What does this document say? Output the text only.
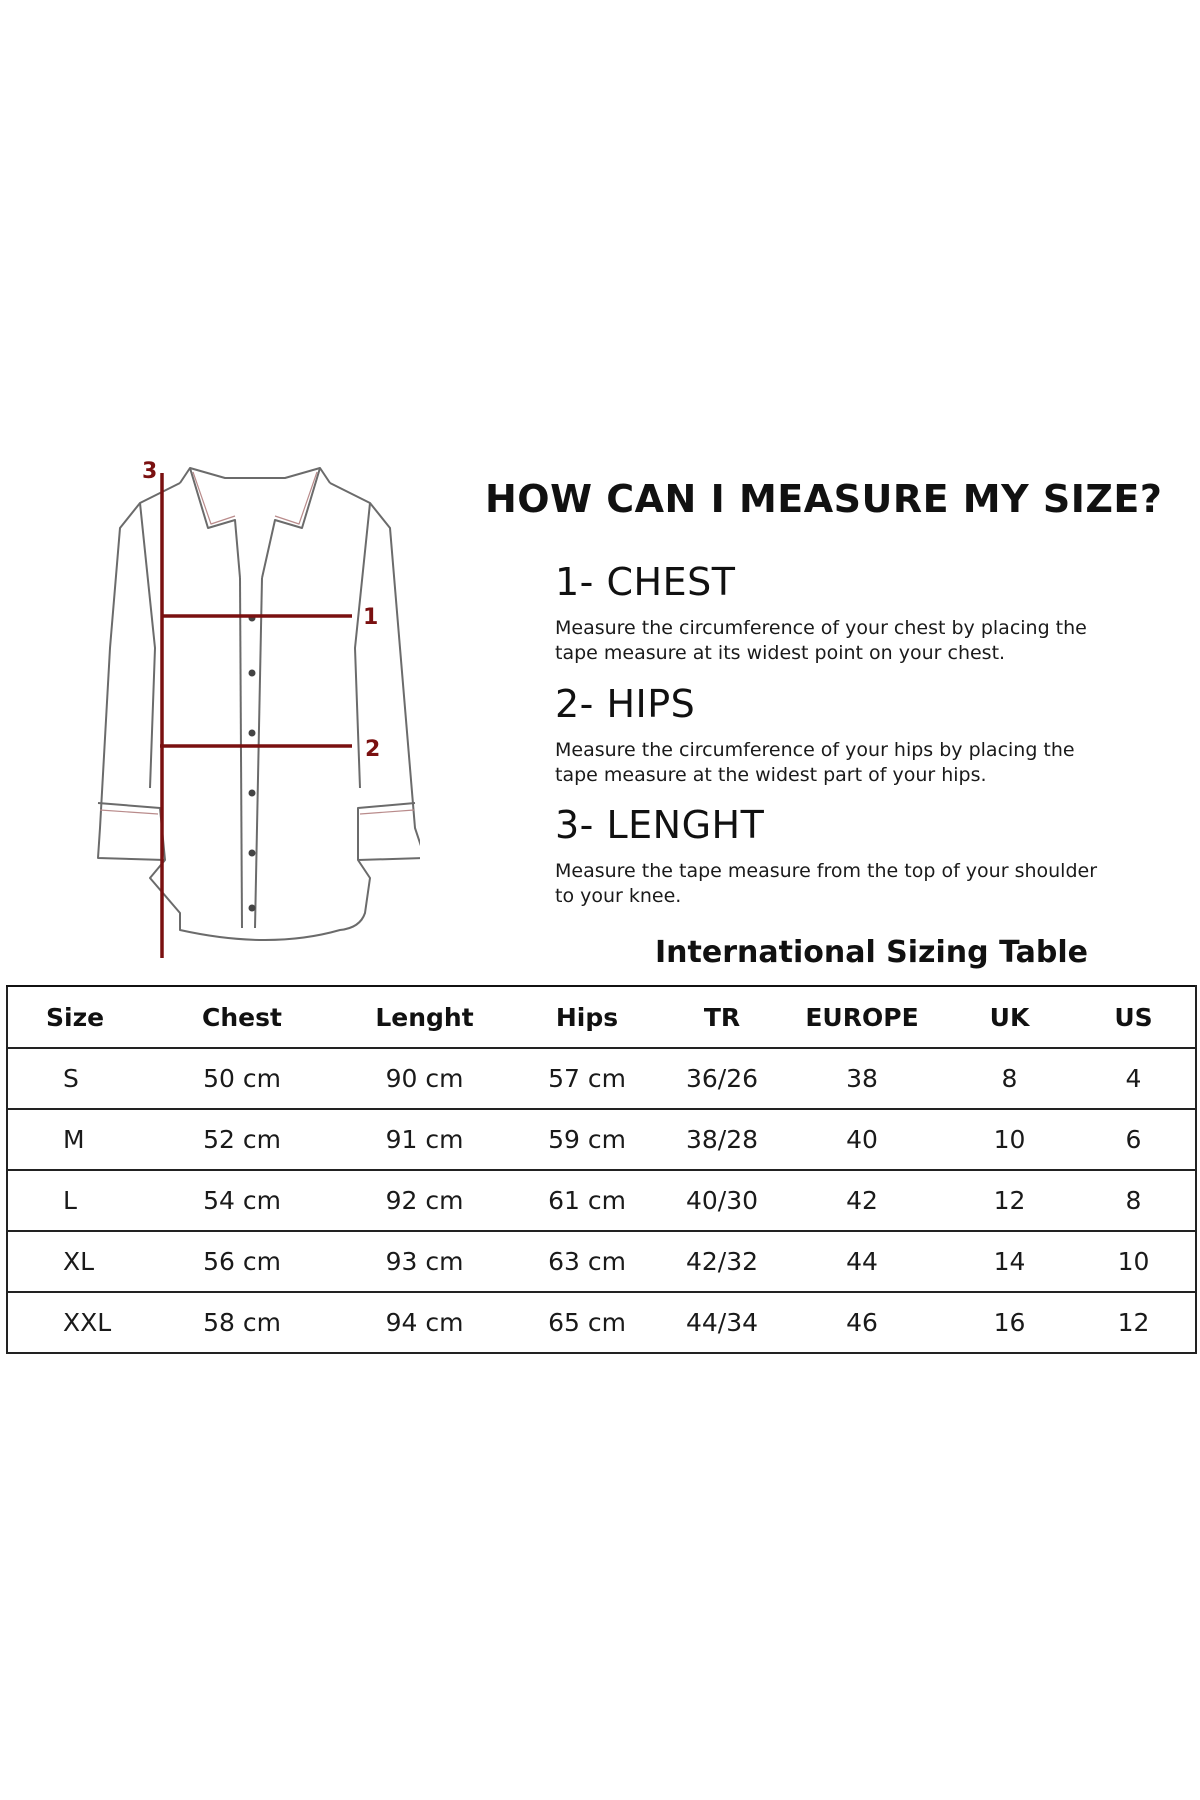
1
2
3
HOW CAN I MEASURE MY SIZE?
1- CHEST

Measure the circumference of your chest by placing the tape measure at its widest point on your chest.

2- HIPS

Measure the circumference of your hips by placing the tape measure at the widest part of your hips.

3- LENGHT

Measure the tape measure from the top of your shoulder to your knee.

International Sizing Table
Size	Chest	Lenght	Hips	TR	EUROPE	UK	US
S	50 cm	90 cm	57 cm	36/26	38	8	4
M	52 cm	91 cm	59 cm	38/28	40	10	6
L	54 cm	92 cm	61 cm	40/30	42	12	8
XL	56 cm	93 cm	63 cm	42/32	44	14	10
XXL	58 cm	94 cm	65 cm	44/34	46	16	12
